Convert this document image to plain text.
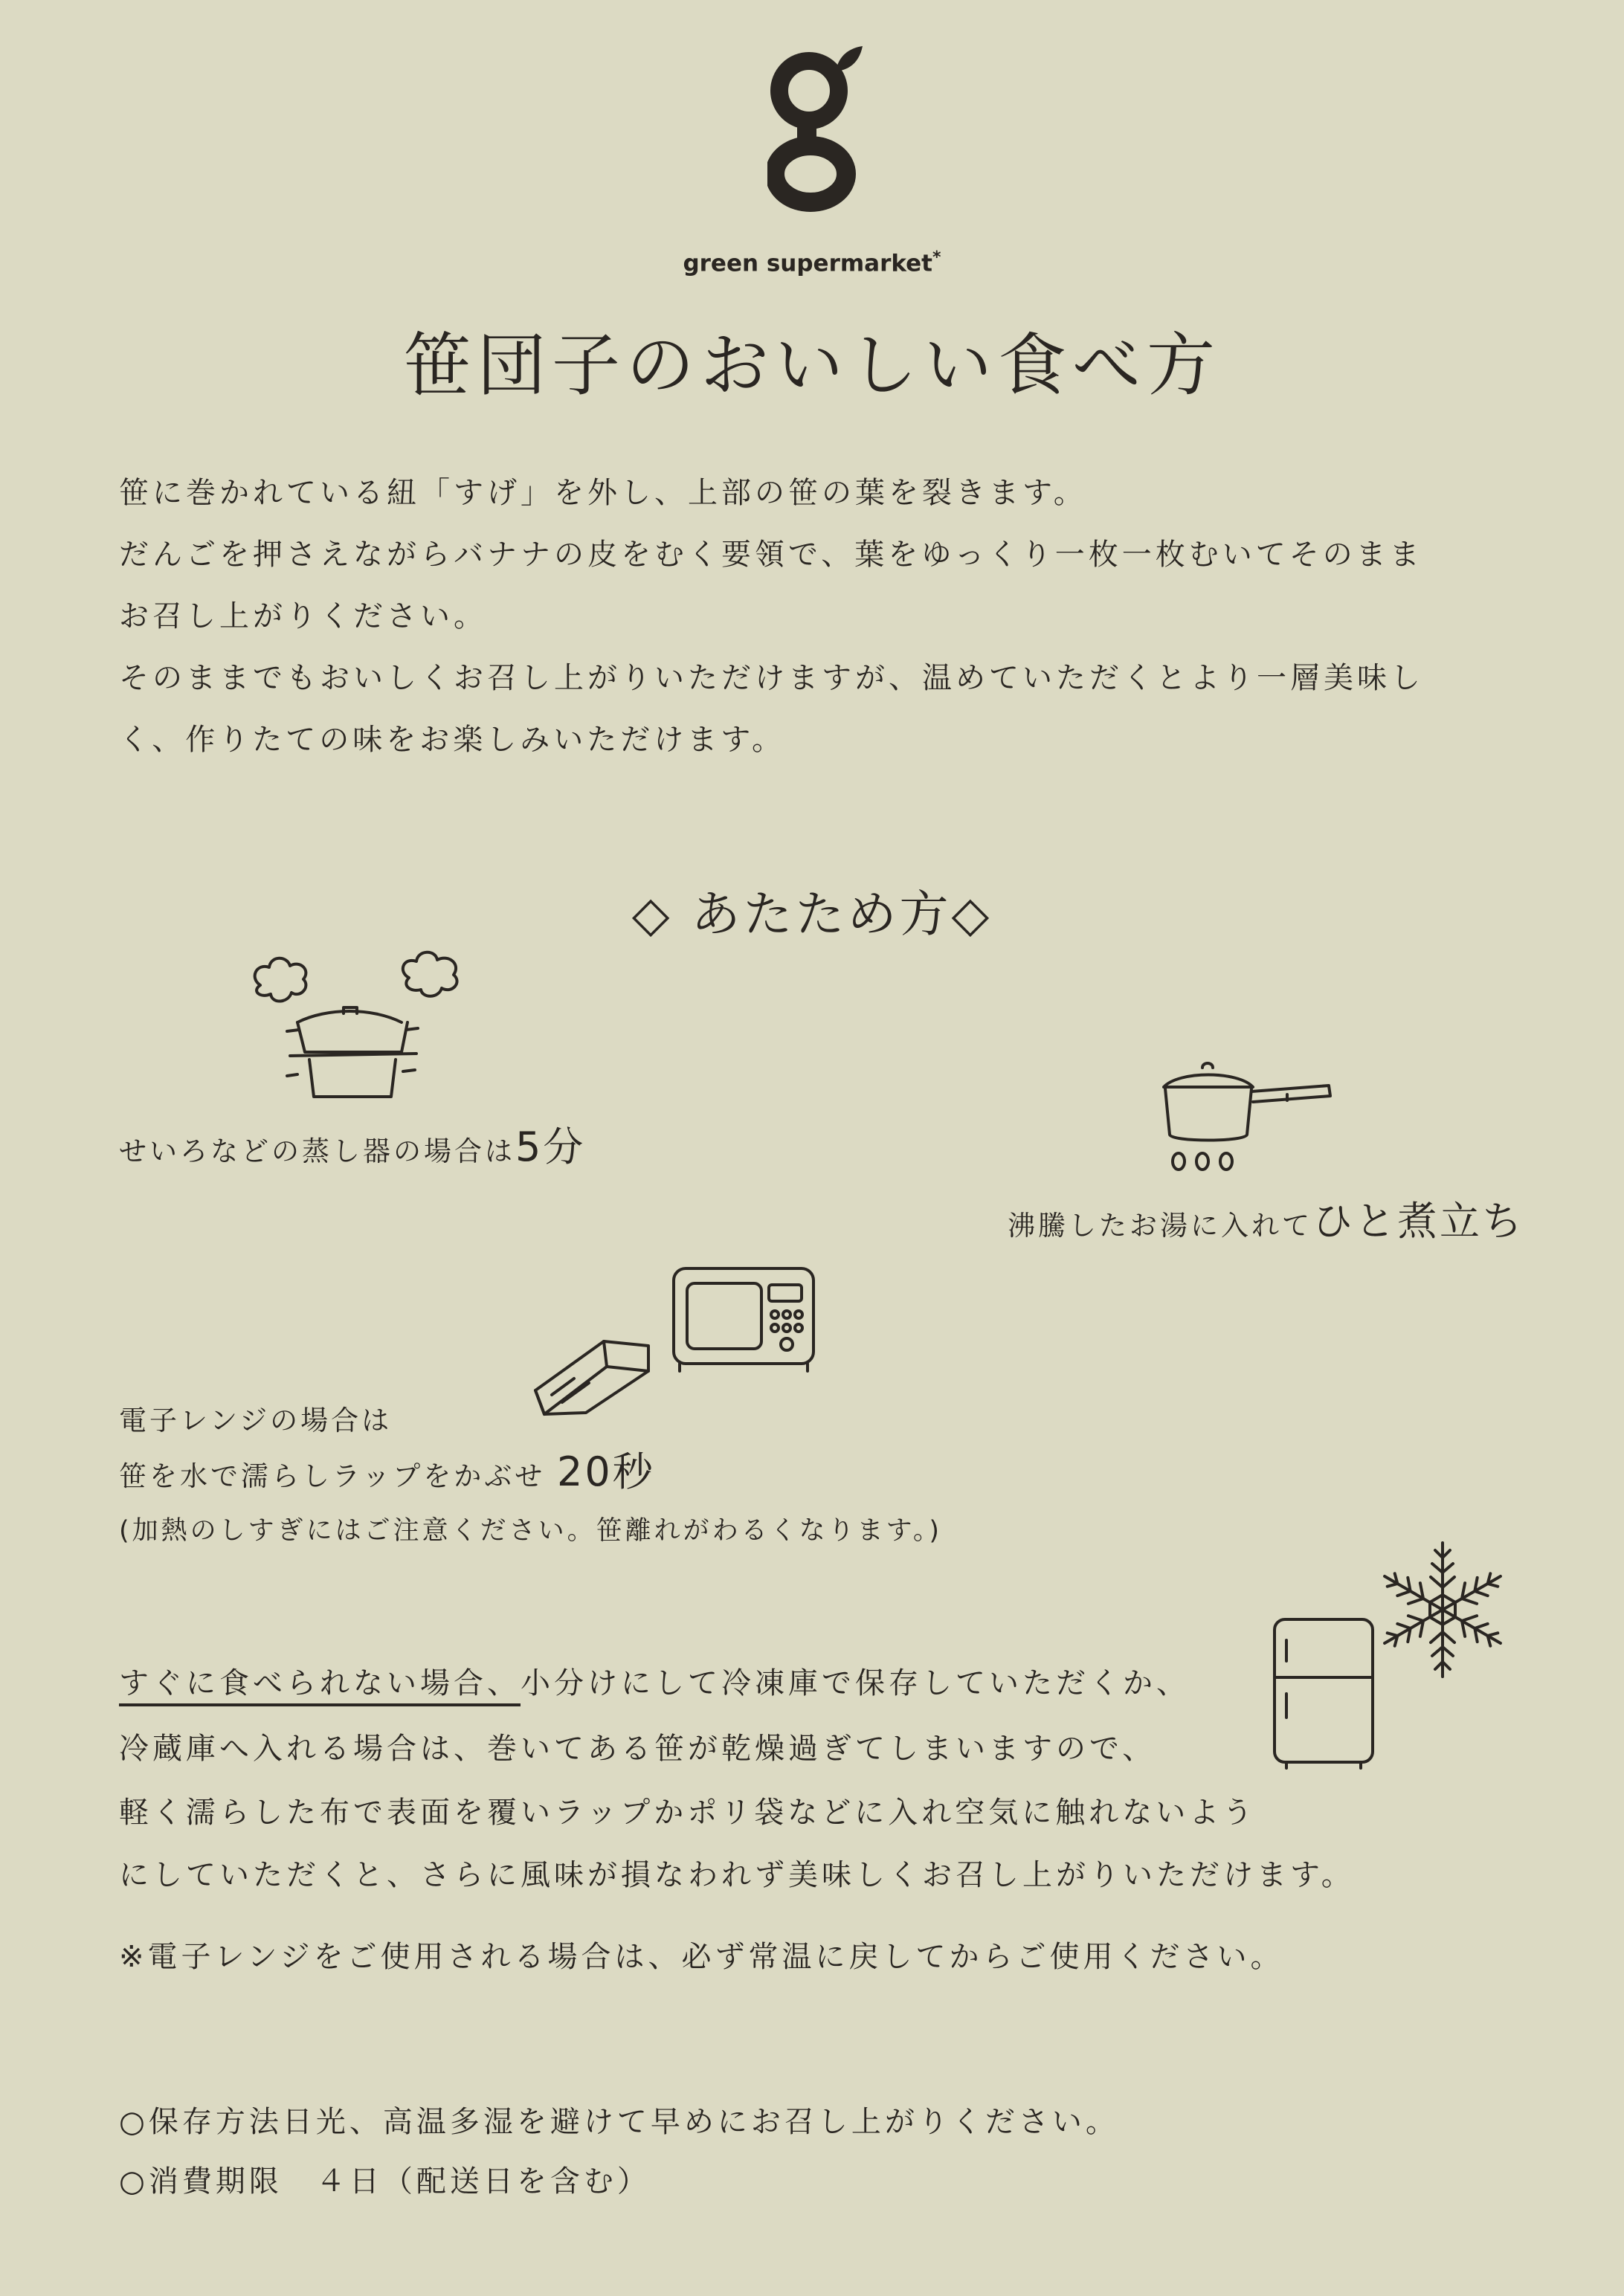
green supermarket*
笹団子のおいしい食べ方
笹に巻かれている紐「すげ」を外し、上部の笹の葉を裂きます。
だんごを押さえながらバナナの皮をむく要領で、葉をゆっくり一枚一枚むいてそのまま
お召し上がりください。
そのままでもおいしくお召し上がりいただけますが、温めていただくとより一層美味し
く、作りたての味をお楽しみいただけます。
◇ あたため方◇
せいろなどの蒸し器の場合は5分
沸騰したお湯に入れてひと煮立ち
電子レンジの場合は
笹を水で濡らしラップをかぶせ 20秒
(加熱のしすぎにはご注意ください。笹離れがわるくなります。)
すぐに食べられない場合、小分けにして冷凍庫で保存していただくか、
冷蔵庫へ入れる場合は、巻いてある笹が乾燥過ぎてしまいますので、
軽く濡らした布で表面を覆いラップかポリ袋などに入れ空気に触れないよう
にしていただくと、さらに風味が損なわれず美味しくお召し上がりいただけます。
※電子レンジをご使用される場合は、必ず常温に戻してからご使用ください。
○保存方法日光、高温多湿を避けて早めにお召し上がりください。
○消費期限　４日（配送日を含む）
